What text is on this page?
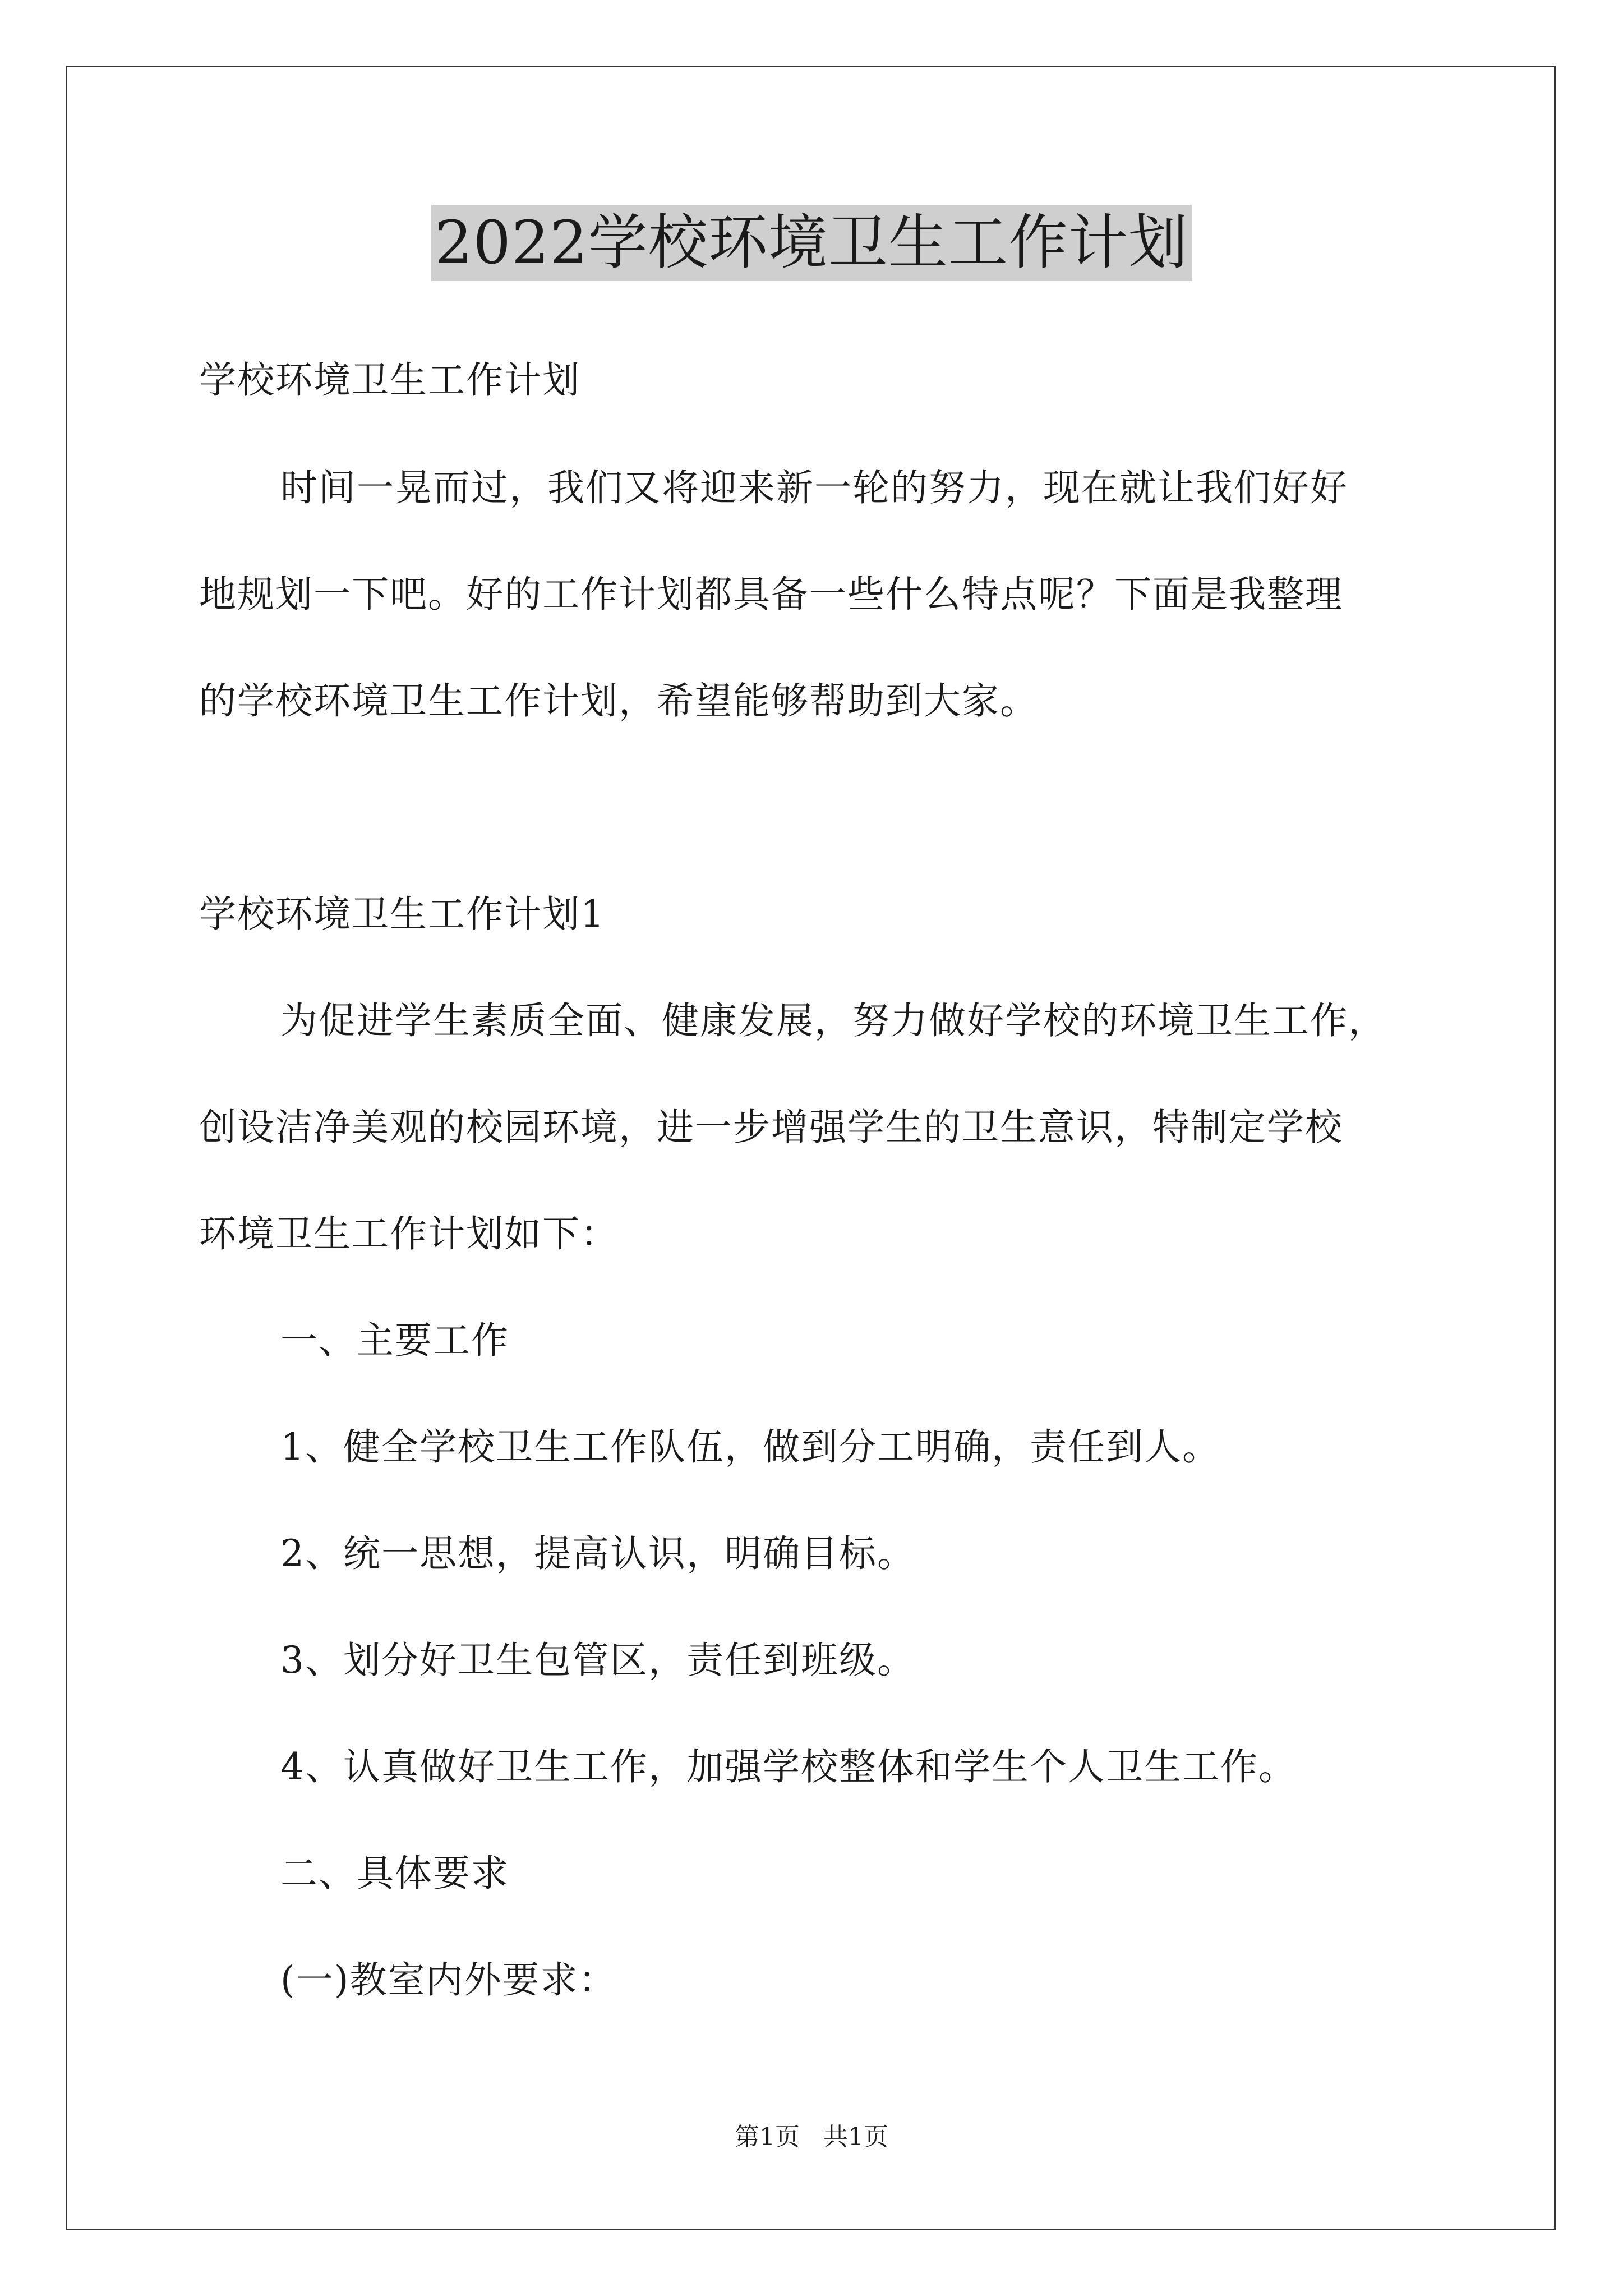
2022学校环境卫生工作计划
学校环境卫生工作计划
时间一晃而过，我们又将迎来新一轮的努力，现在就让我们好好
地规划一下吧。好的工作计划都具备一些什么特点呢？下面是我整理
的学校环境卫生工作计划，希望能够帮助到大家。
学校环境卫生工作计划1
为促进学生素质全面、健康发展，努力做好学校的环境卫生工作，
创设洁净美观的校园环境，进一步增强学生的卫生意识，特制定学校
环境卫生工作计划如下：
一、主要工作
1、健全学校卫生工作队伍，做到分工明确，责任到人。
2、统一思想，提高认识，明确目标。
3、划分好卫生包管区，责任到班级。
4、认真做好卫生工作，加强学校整体和学生个人卫生工作。
二、具体要求
(一)教室内外要求：
第1页 共1页
